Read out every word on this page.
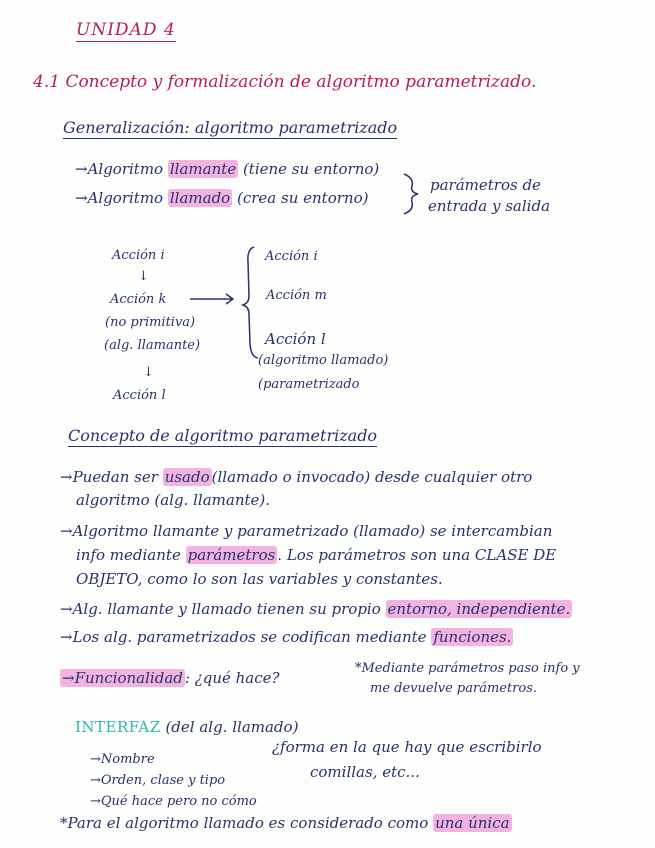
UNIDAD 4
4.1 Concepto y formalización de algoritmo parametrizado.
Generalización: algoritmo parametrizado
→Algoritmo llamante (tiene su entorno)
→Algoritmo llamado (crea su entorno)
parámetros de
entrada y salida
Acción i
↓
Acción k
(no primitiva)
(alg. llamante)
↓
Acción l
Acción i
Acción m
Acción l
(algoritmo llamado)
(parametrizado
Concepto de algoritmo parametrizado
→Puedan ser usado (llamado o invocado) desde cualquier otro
algoritmo (alg. llamante).
→Algoritmo llamante y parametrizado (llamado) se intercambian
info mediante parámetros . Los parámetros son una CLASE DE
OBJETO, como lo son las variables y constantes.
→Alg. llamante y llamado tienen su propio entorno, independiente.
→Los alg. parametrizados se codifican mediante funciones.
→Funcionalidad : ¿qué hace?
*Mediante parámetros paso info y
me devuelve parámetros.
INTERFAZ (del alg. llamado)
→Nombre
→Orden, clase y tipo
→Qué hace pero no cómo
¿forma en la que hay que escribirlo
comillas, etc...
*Para el algoritmo llamado es considerado como una única
